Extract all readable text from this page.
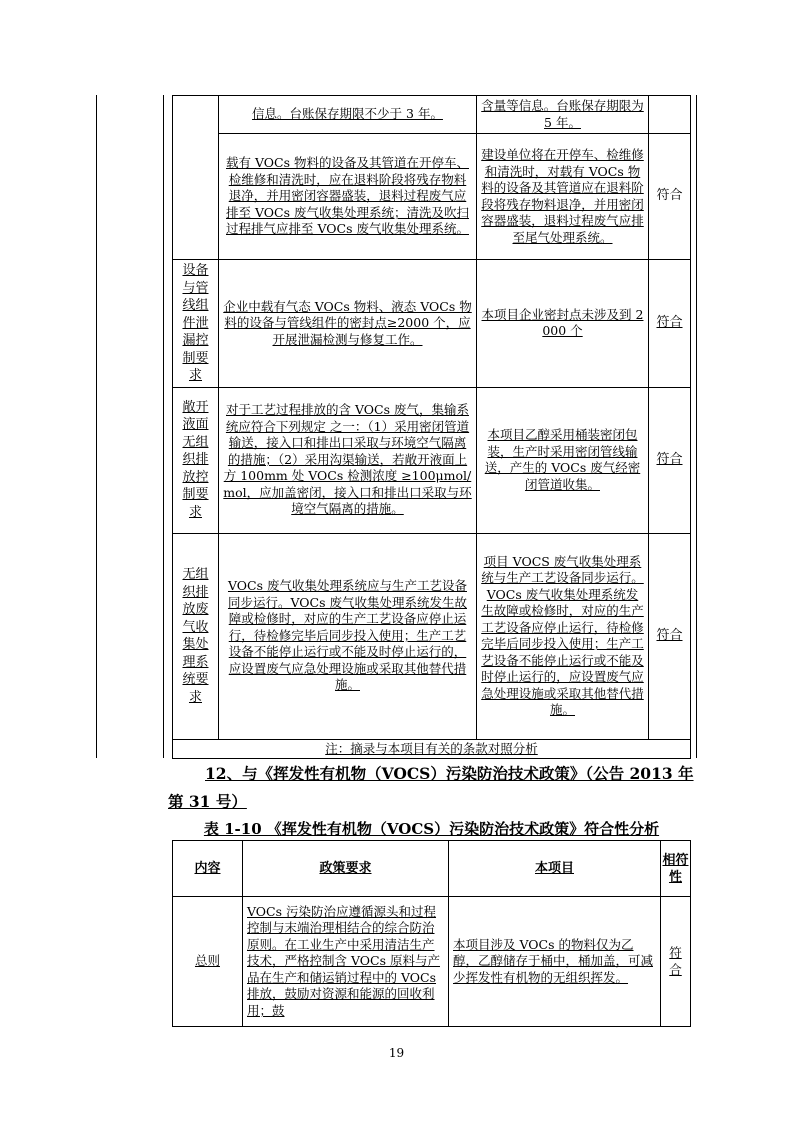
	信息。台账保存期限不少于 3 年。	含量等信息。台账保存期限为 5 年。	
	载有 VOCs 物料的设备及其管道在开停车、检维修和清洗时，应在退料阶段将残存物料退净，并用密闭容器盛装，退料过程废气应排至 VOCs 废气收集处理系统；清洗及吹扫过程排气应排至 VOCs 废气收集处理系统。	建设单位将在开停车、检维修和清洗时，对载有 VOCs 物料的设备及其管道应在退料阶段将残存物料退净，并用密闭容器盛装，退料过程废气应排至尾气处理系统。	符合
设备与管线组件泄漏控制要求	企业中载有气态 VOCs 物料、液态 VOCs 物料的设备与管线组件的密封点≥2000 个，应开展泄漏检测与修复工作。	本项目企业密封点未涉及到 2000 个	符合
敞开液面无组织排放控制要求	对于工艺过程排放的含 VOCs 废气，集输系统应符合下列规定 之一：（1）采用密闭管道输送，接入口和排出口采取与环境空气隔离的措施；（2）采用沟渠输送，若敞开液面上方 100mm 处 VOCs 检测浓度 ≥100μmol/mol，应加盖密闭，接入口和排出口采取与环境空气隔离的措施。	本项目乙醇采用桶装密闭包装，生产时采用密闭管线输送，产生的 VOCs 废气经密闭管道收集。	符合
无组织排放废气收集处理系统要求	VOCs 废气收集处理系统应与生产工艺设备同步运行。VOCs 废气收集处理系统发生故障或检修时，对应的生产工艺设备应停止运行，待检修完毕后同步投入使用；生产工艺设备不能停止运行或不能及时停止运行的，应设置废气应急处理设施或采取其他替代措施。	项目 VOCS 废气收集处理系统与生产工艺设备同步运行。VOCs 废气收集处理系统发生故障或检修时，对应的生产工艺设备应停止运行，待检修完毕后同步投入使用；生产工艺设备不能停止运行或不能及时停止运行的，应设置废气应急处理设施或采取其他替代措施。	符合
注：摘录与本项目有关的条款对照分析			
12、与《挥发性有机物（VOCS）污染防治技术政策》（公告 2013 年
第 31 号）

表 1-10 《挥发性有机物（VOCS）污染防治技术政策》符合性分析

内容	政策要求	本项目	相符性
总则	VOCs 污染防治应遵循源头和过程控制与末端治理相结合的综合防治原则。在工业生产中采用清洁生产技术，严格控制含 VOCs 原料与产品在生产和储运销过程中的 VOCs 排放，鼓励对资源和能源的回收利用；鼓	本项目涉及 VOCs 的物料仅为乙醇，乙醇储存于桶中，桶加盖，可减少挥发性有机物的无组织挥发。	符合

19
